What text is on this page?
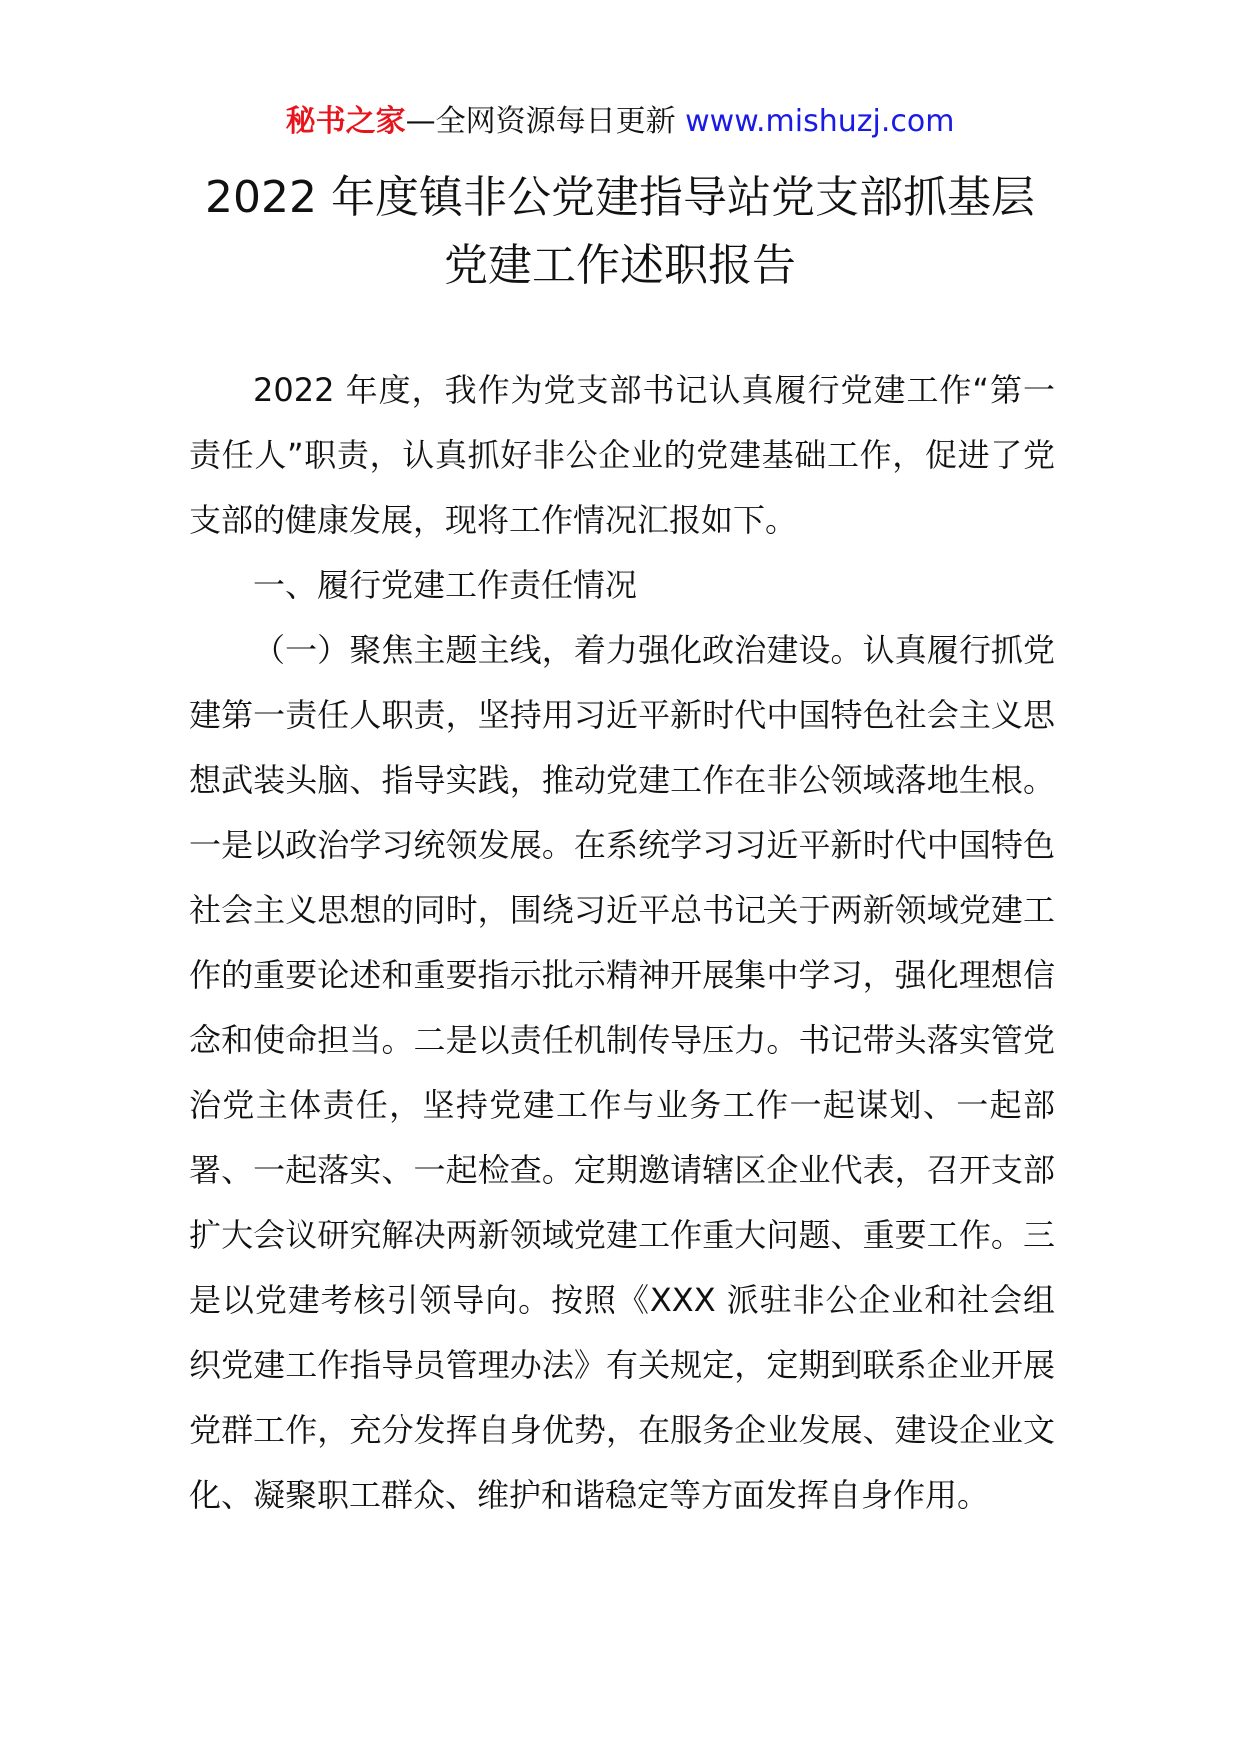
秘书之家—全网资源每日更新 www.mishuzj.com
2022 年度镇非公党建指导站党支部抓基层
党建工作述职报告

2022 年度，我作为党支部书记认真履行党建工作“第一责任人”职责，认真抓好非公企业的党建基础工作，促进了党支部的健康发展，现将工作情况汇报如下。

一、履行党建工作责任情况

（一）聚焦主题主线，着力强化政治建设。认真履行抓党建第一责任人职责，坚持用习近平新时代中国特色社会主义思想武装头脑、指导实践，推动党建工作在非公领域落地生根。一是以政治学习统领发展。在系统学习习近平新时代中国特色社会主义思想的同时，围绕习近平总书记关于两新领域党建工作的重要论述和重要指示批示精神开展集中学习，强化理想信念和使命担当。二是以责任机制传导压力。书记带头落实管党治党主体责任，坚持党建工作与业务工作一起谋划、一起部署、一起落实、一起检查。定期邀请辖区企业代表，召开支部扩大会议研究解决两新领域党建工作重大问题、重要工作。三是以党建考核引领导向。按照《XXX 派驻非公企业和社会组织党建工作指导员管理办法》有关规定，定期到联系企业开展党群工作，充分发挥自身优势，在服务企业发展、建设企业文化、凝聚职工群众、维护和谐稳定等方面发挥自身作用。
